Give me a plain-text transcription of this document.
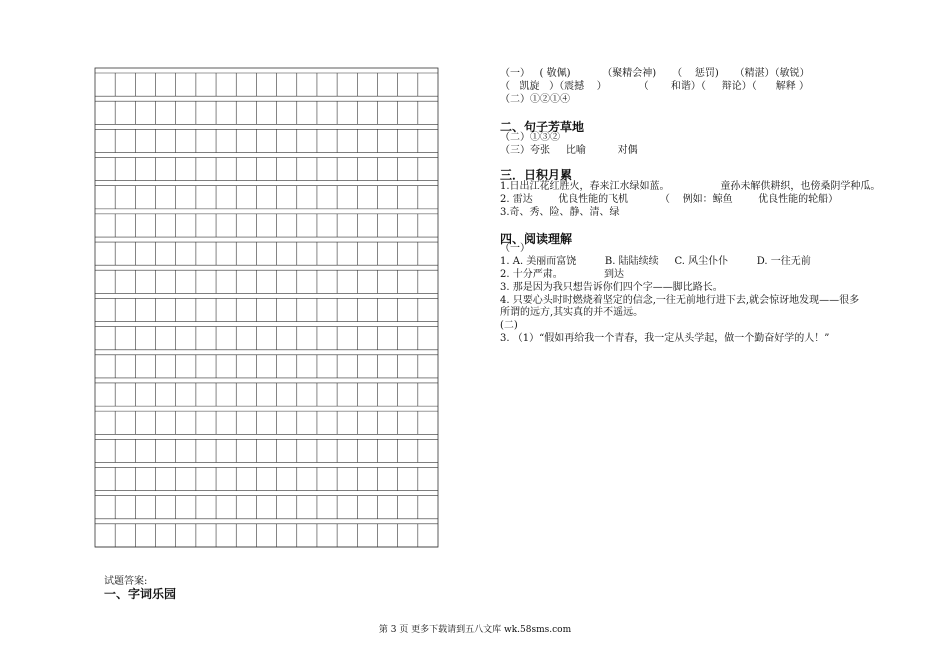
（一）   ( 敬佩)          （聚精会神)     （    惩罚)     （精湛）（敏锐）
（   凯旋   ）（震撼    ）          （       和谐）（     辩论）（      解释 ）
（二）①②①④
二、句子芳草地
（二）①③②
（三）夸张     比喻          对偶
三．日积月累
1.日出江花红胜火，春来江水绿如蓝。                童孙未解供耕织，也傍桑阴学种瓜。
2. 雷达        优良性能的飞机          （    例如：鲸鱼        优良性能的轮船）
3.奇、秀、险、静、清、绿
四、阅读理解
（一）
1. A. 美丽而富饶         B. 陆陆续续     C. 风尘仆仆         D. 一往无前
2. 十分严肃。             到达
3. 那是因为我只想告诉你们四个字——脚比路长。
4. 只要心头时时燃烧着坚定的信念,一往无前地行进下去,就会惊讶地发现——很多
所谓的远方,其实真的并不遥远。
(二)
3. （1）“假如再给我一个青春，我一定从头学起，做一个勤奋好学的人！”
试题答案:
一、字词乐园
第 3 页 更多下载请到五八文库 wk.58sms.com
